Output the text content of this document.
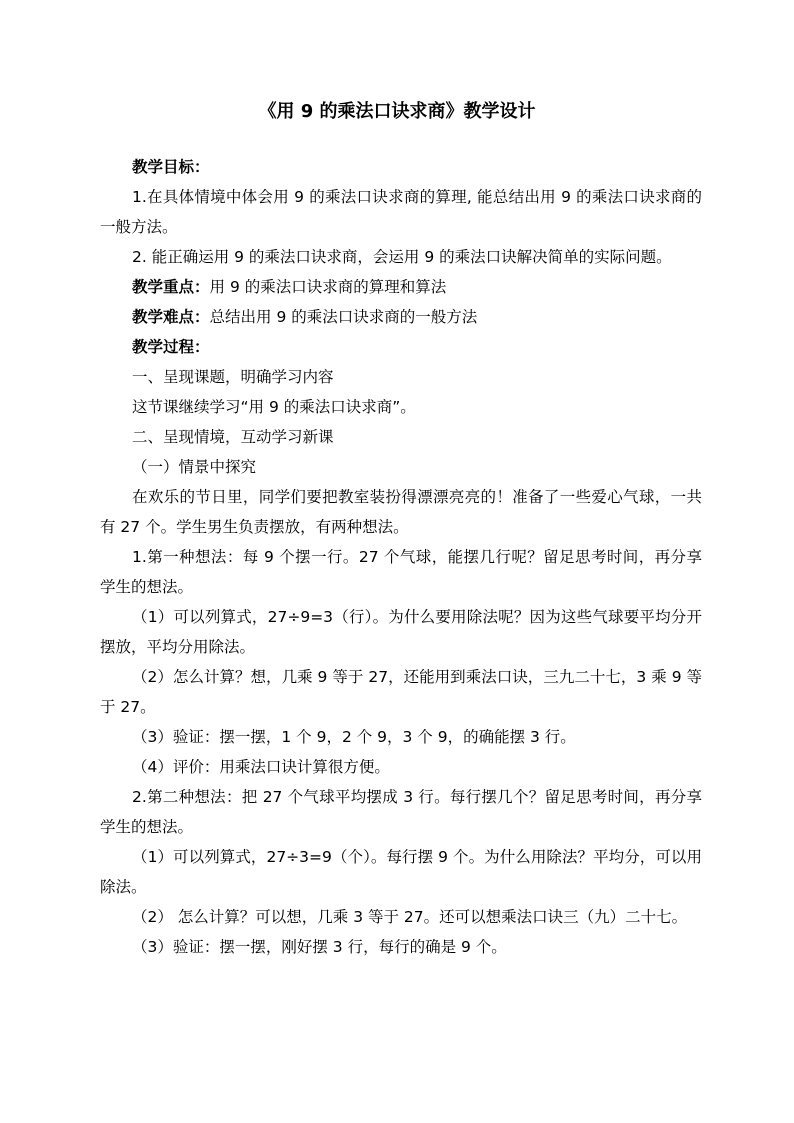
《用 9 的乘法口诀求商》教学设计

教学目标：

1.在具体情境中体会用 9 的乘法口诀求商的算理, 能总结出用 9 的乘法口诀求商的一般方法。

2. 能正确运用 9 的乘法口诀求商，会运用 9 的乘法口诀解决简单的实际问题。

教学重点：用 9 的乘法口诀求商的算理和算法

教学难点：总结出用 9 的乘法口诀求商的一般方法

教学过程：

一、呈现课题，明确学习内容

这节课继续学习“用 9 的乘法口诀求商”。

二、呈现情境，互动学习新课

（一）情景中探究

在欢乐的节日里，同学们要把教室装扮得漂漂亮亮的！准备了一些爱心气球，一共有 27 个。学生男生负责摆放，有两种想法。

1.第一种想法：每 9 个摆一行。27 个气球，能摆几行呢？留足思考时间，再分享学生的想法。

（1）可以列算式，27÷9=3（行）。为什么要用除法呢？因为这些气球要平均分开摆放，平均分用除法。

（2）怎么计算？想，几乘 9 等于 27，还能用到乘法口诀，三九二十七，3 乘 9 等于 27。

（3）验证：摆一摆，1 个 9，2 个 9，3 个 9，的确能摆 3 行。

（4）评价：用乘法口诀计算很方便。

2.第二种想法：把 27 个气球平均摆成 3 行。每行摆几个？留足思考时间，再分享学生的想法。

（1）可以列算式，27÷3=9（个）。每行摆 9 个。为什么用除法？平均分，可以用除法。

（2） 怎么计算？可以想，几乘 3 等于 27。还可以想乘法口诀三（九）二十七。

（3）验证：摆一摆，刚好摆 3 行，每行的确是 9 个。
